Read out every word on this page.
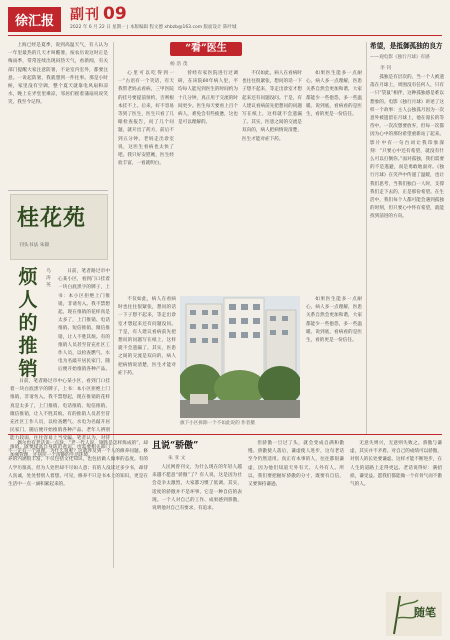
徐汇报	副刊 09
2022 年 6 月 22 日 星期一 | 本版编辑 程文德 xhbzb@163.com 版面设计 陈叶城

上海已经是夏季，说到高温天气，有人认为一年里最热的几天才叫酷暑，按农历说这时正是梅雨季，常常连续出现闷热天气，看新闻，有关部门提醒大家注意防暑，不论室内室外，都要注意。一说起防暑，我就想到一件往事。那是小时候，家里没有空调，整个夏天就靠电风扇和凉水，晚上在弄堂里乘凉，邻居们摇着蒲扇说说笑笑，我至今记得。

桂花苑
刊头书法 朱锦
烦人
的推
销
乌
涛
英

日前，笔者路过市中心某小区，看到门口挂着一块白底黑字的牌子，上书：本小区拒绝上门推销，非请勿入。我不禁想起，现在推销的花样真是太多了，上门推销、电话推销、短信推销、微信推销，让人不胜其烦。有的推销人员甚至冒充社区工作人员，以检查燃气、水电为名敲开居民家门，随后便开始推销各种产品。

日前，笔者路过市中心某小区，看到门口挂着一块白底黑字的牌子，上书：本小区拒绝上门推销，非请勿入。我不禁想起，现在推销的花样真是太多了，上门推销、电话推销、短信推销、微信推销，让人不胜其烦。有的推销人员甚至冒充社区工作人员，以检查燃气、水电为名敲开居民家门，随后便开始推销各种产品。老年人辨别能力较弱，往往容易上当受骗。笔者认为，对待推销，既要提高自身防范意识，也需要相关部门加强管理，还居民一个清静的生活环境。

“看”医生
杨 浩 茂

心里可以吃得到一一“古语有一个笑话，有天我带老妈去看病，三甲医院的挂号要提前预约，否则根本挂不上。后来，好不容易等到了医生，医生只看了几眼检查报告，问了几个问题，就开出了药方，前后不到五分钟。老妈走出诊室说，这医生看病也太快了吧。我只好安慰她，医生经验丰富，一看就明白。

曾经有家医院进行过调研，在该院60年病人里，平均每人能见到医生的时间约为十几分钟，真正用于交流的时间更少。医生每天要看上百个病人，难免会有些疲惫，这也是可以理解的。

不仅如此，病人在看病时也往往很紧张，想问的话一下子想不起来，等走出诊室才想起来还有问题没问。于是，有人建议看病前先把想问的问题写在纸上，这样就不会遗漏了。其实，医患之间的交流是双向的，病人把病情说清楚，医生才能对症下药。

如果医生能多一点耐心，病人多一点理解，医患关系自然会更加和谐，大家都能少一些抱怨，多一些温暖。说到底，看病看的是医生，看的更是一份信任。

旗下小区拆除一个不如此说的 作者摄

不仅如此，病人在看病时也往往很紧张，想问的话一下子想不起来，等走出诊室才想起来还有问题没问。于是，有人建议看病前先把想问的问题写在纸上，这样就不会遗漏了。其实，医患之间的交流是双向的，病人把病情说清楚，医生才能对症下药。

如果医生能多一点耐心，病人多一点理解，医患关系自然会更加和谐，大家都能少一些抱怨，多一些温暖。说到底，看病看的是医生，看的更是一份信任。

希望，是抵御孤独的良方
——观电影《独行月球》有感
李 钊

孤独是有层次的。当一个人被遗落在月球上，周围没有任何人，只有一只“袋鼠”相伴，这种孤独感是难以想象的。电影《独行月球》讲述了这样一个故事：主人公独孤月因为一次意外被遗留在月球上，他在漫长的等待中，一次次想要放弃，但每一次都因为心中的那份希望重新站了起来。影片中有一句台词让我印象深刻：“只要心中还有希望，就没有什么可以打倒你。”面对孤独，我们需要的不是逃避，而是勇敢地面对。《独行月球》在笑声中传递了温暖，也让我们思考，当我们独自一人时，支撑我们走下去的，正是那份希望。在生活中，我们每个人都可能会遇到孤独的时刻，但只要心中怀有希望，就能找到前进的方向。

偶尔也有老话说一点珍，“老一代人说，钢铁是怎样炼成的”，却不一定有一个道理，为什么说呢？这就涉及到一个人的修养问题。修养的内涵很丰富，不仅包括文化知识，也包括做人做事的态度。有的人学历很高，但为人处世却不尽如人意；有的人没读过多少书，却待人真诚，处处替别人着想。可见，修养不只是书本上的知识，更是在生活中一点一滴积累起来的。

且说“骄傲”
朱 亚 文

人民网曾刊文，为什么现在的年轻人越来越不愿意“骄傲”了？有人说，这是因为社会竞争太激烈，大家都习惯了低调。其实，适度的骄傲并不是坏事，它是一种自信的表现。一个人对自己的工作、成果感到骄傲，说明他对自己有要求，有追求。

但骄傲一旦过了头，就会变成自满和傲慢。骄傲使人落后，谦虚使人进步，这句老话至今仍然适用。真正有本事的人，往往都很谦虚，因为他们知道天外有天、人外有人。所以，我们要把握好骄傲的分寸，既要有自信，又要保持谦逊。

无意失则兴，无意则失败之。骄傲与谦虚，其实并不矛盾。对自己的成绩可以骄傲，对别人的长处要谦虚。这样才能不断进步，在人生的道路上走得更远。老话说得好：满招损，谦受益。愿我们都能做一个有骨气而不傲气的人。

随笔
